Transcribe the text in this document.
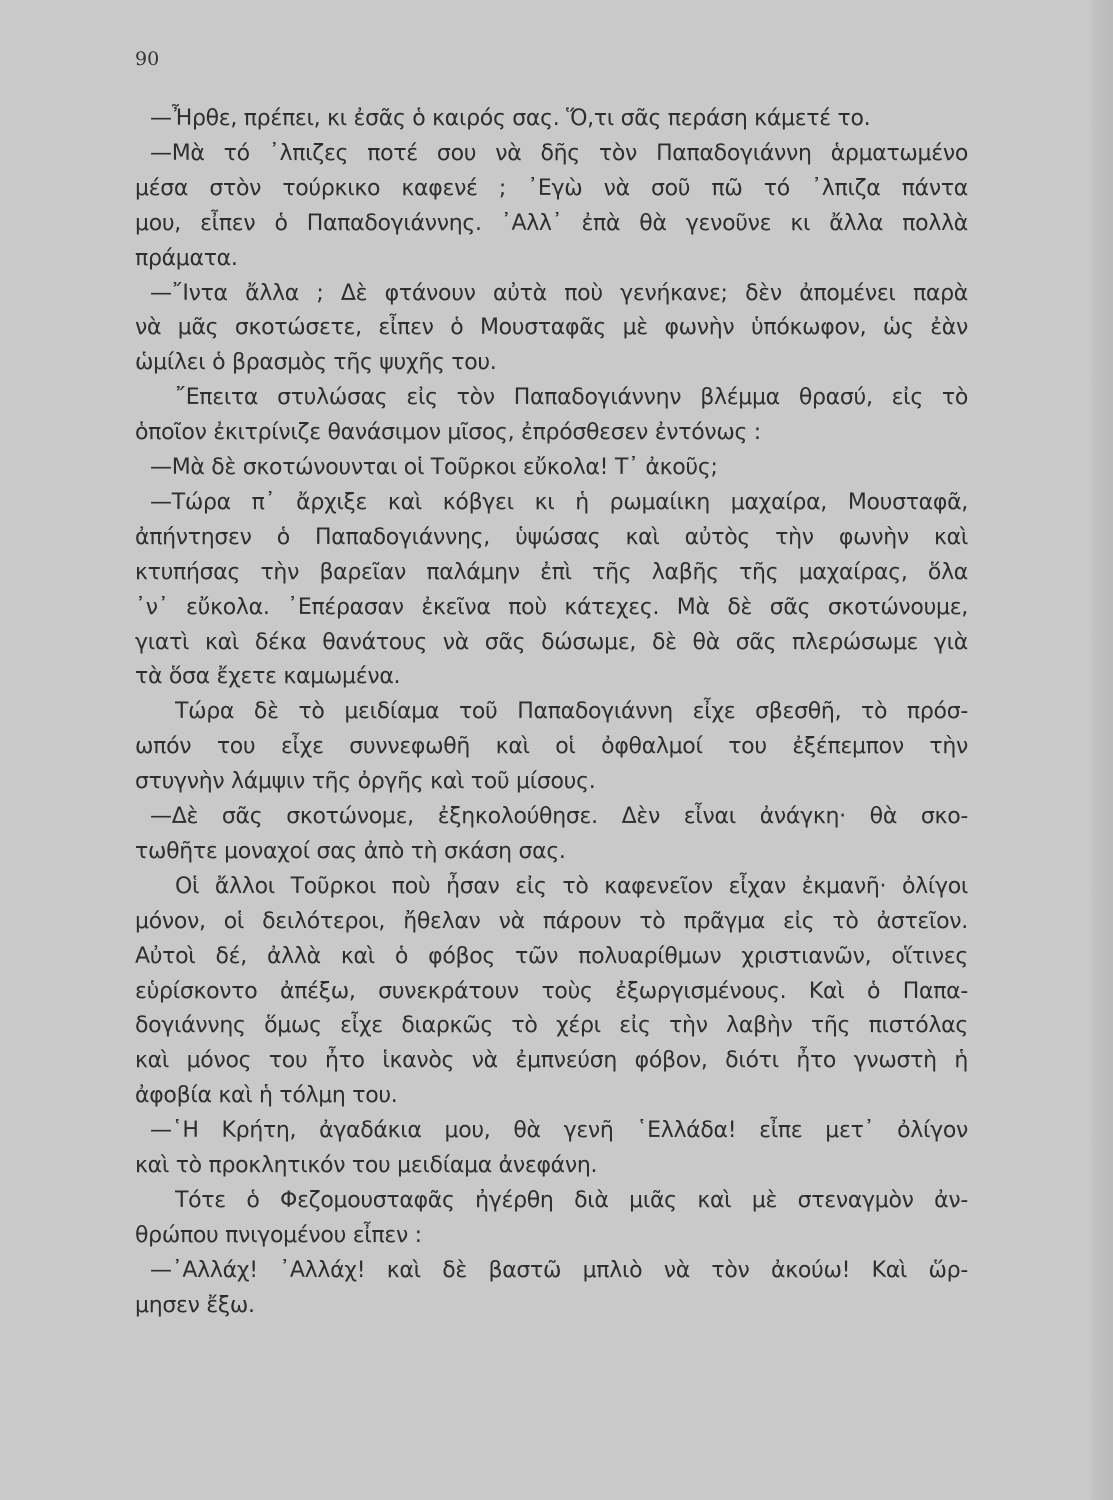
90
—Ἦρθε, πρέπει, κι ἐσᾶς ὁ καιρός σας. Ὅ,τι σᾶς περάση κάμετέ το.
—Μὰ τό ᾽λπιζες ποτέ σου νὰ δῆς τὸν Παπαδογιάννη ἁρματωμένο
μέσα στὸν τούρκικο καφενέ ; ᾽Εγὼ νὰ σοῦ πῶ τό ᾽λπιζα πάντα
μου, εἶπεν ὁ Παπαδογιάννης. ᾽Αλλ᾽ ἐπὰ θὰ γενοῦνε κι ἄλλα πολλὰ
πράματα.
—῎Ιντα ἄλλα ; Δὲ φτάνουν αὐτὰ ποὺ γενήκανε; δὲν ἀπομένει παρὰ
νὰ μᾶς σκοτώσετε, εἶπεν ὁ Μουσταφᾶς μὲ φωνὴν ὑπόκωφον, ὡς ἐὰν
ὡμίλει ὁ βρασμὸς τῆς ψυχῆς του.
῎Επειτα στυλώσας εἰς τὸν Παπαδογιάννην βλέμμα θρασύ, εἰς τὸ
ὁποῖον ἐκιτρίνιζε θανάσιμον μῖσος, ἐπρόσθεσεν ἐντόνως :
—Μὰ δὲ σκοτώνουνται οἱ Τοῦρκοι εὔκολα! Τ᾽ ἀκοῦς;
—Τώρα π᾽ ἄρχιξε καὶ κόβγει κι ἡ ρωμαίικη μαχαίρα, Μουσταφᾶ,
ἀπήντησεν ὁ Παπαδογιάννης, ὑψώσας καὶ αὐτὸς τὴν φωνὴν καὶ
κτυπήσας τὴν βαρεῖαν παλάμην ἐπὶ τῆς λαβῆς τῆς μαχαίρας, ὅλα
᾽ν᾽ εὔκολα. ᾽Επέρασαν ἐκεῖνα ποὺ κάτεχες. Μὰ δὲ σᾶς σκοτώνουμε,
γιατὶ καὶ δέκα θανάτους νὰ σᾶς δώσωμε, δὲ θὰ σᾶς πλερώσωμε γιὰ
τὰ ὅσα ἔχετε καμωμένα.
Τώρα δὲ τὸ μειδίαμα τοῦ Παπαδογιάννη εἶχε σβεσθῆ, τὸ πρόσ-
ωπόν του εἶχε συννεφωθῆ καὶ οἱ ὀφθαλμοί του ἐξέπεμπον τὴν
στυγνὴν λάμψιν τῆς ὀργῆς καὶ τοῦ μίσους.
—Δὲ σᾶς σκοτώνομε, ἐξηκολούθησε. Δὲν εἶναι ἀνάγκη· θὰ σκο-
τωθῆτε μοναχοί σας ἀπὸ τὴ σκάση σας.
Οἱ ἄλλοι Τοῦρκοι ποὺ ἦσαν εἰς τὸ καφενεῖον εἶχαν ἐκμανῆ· ὀλίγοι
μόνον, οἱ δειλότεροι, ἤθελαν νὰ πάρουν τὸ πρᾶγμα εἰς τὸ ἀστεῖον.
Αὐτοὶ δέ, ἀλλὰ καὶ ὁ φόβος τῶν πολυαρίθμων χριστιανῶν, οἵτινες
εὑρίσκοντο ἀπέξω, συνεκράτουν τοὺς ἐξωργισμένους. Καὶ ὁ Παπα-
δογιάννης ὅμως εἶχε διαρκῶς τὸ χέρι εἰς τὴν λαβὴν τῆς πιστόλας
καὶ μόνος του ἦτο ἱκανὸς νὰ ἐμπνεύση φόβον, διότι ἦτο γνωστὴ ἡ
ἀφοβία καὶ ἡ τόλμη του.
—῾Η Κρήτη, ἀγαδάκια μου, θὰ γενῆ ῾Ελλάδα! εἶπε μετ᾽ ὀλίγον
καὶ τὸ προκλητικόν του μειδίαμα ἀνεφάνη.
Τότε ὁ Φεζομουσταφᾶς ἠγέρθη διὰ μιᾶς καὶ μὲ στεναγμὸν ἀν-
θρώπου πνιγομένου εἶπεν :
—᾽Αλλάχ! ᾽Αλλάχ! καὶ δὲ βαστῶ μπλιὸ νὰ τὸν ἀκούω! Καὶ ὥρ-
μησεν ἔξω.
